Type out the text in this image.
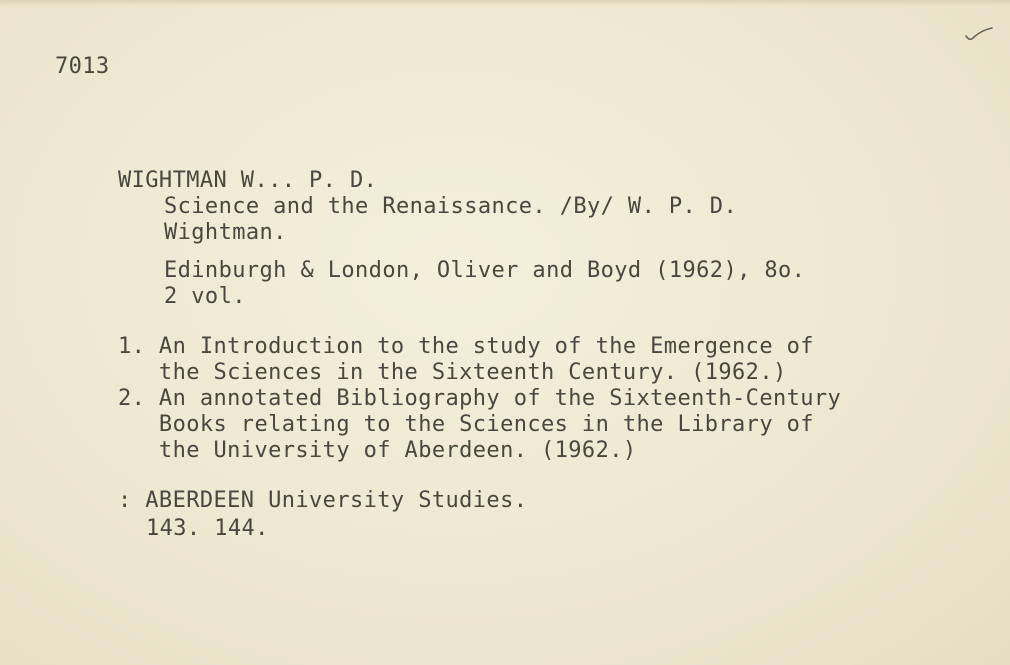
7013
WIGHTMAN W... P. D.
Science and the Renaissance. /By/ W. P. D.
Wightman.
Edinburgh & London, Oliver and Boyd (1962), 8o.
2 vol.
1. An Introduction to the study of the Emergence of
the Sciences in the Sixteenth Century. (1962.)
2. An annotated Bibliography of the Sixteenth-Century
Books relating to the Sciences in the Library of
the University of Aberdeen. (1962.)
: ABERDEEN University Studies.
143. 144.
